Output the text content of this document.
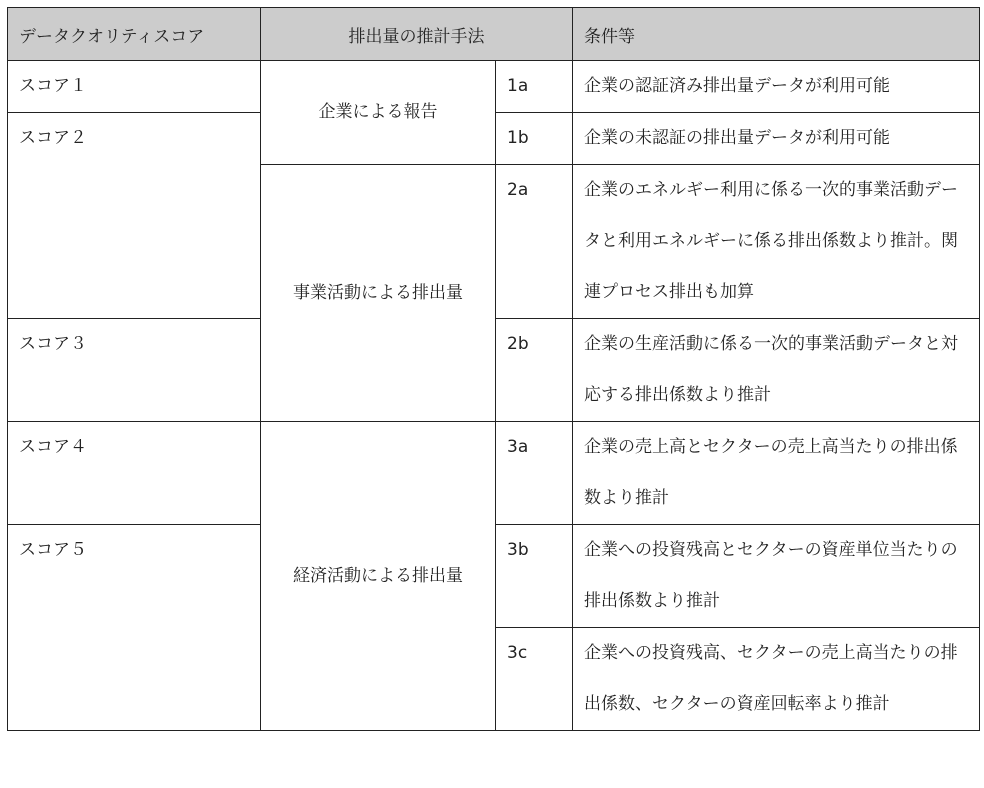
データクオリティスコア	排出量の推計手法		条件等
スコア１	企業による報告	1a	企業の認証済み排出量データが利用可能
スコア２		1b	企業の未認証の排出量データが利用可能
	事業活動による排出量	2a	企業のエネルギー利用に係る一次的事業活動データと利用エネルギーに係る排出係数より推計。関連プロセス排出も加算

スコア３		2b	企業の生産活動に係る一次的事業活動データと対応する排出係数より推計
スコア４	経済活動による排出量	3a	企業の売上高とセクターの売上高当たりの排出係数より推計
スコア５		3b	企業への投資残高とセクターの資産単位当たりの排出係数より推計
		3c	企業への投資残高、セクターの売上高当たりの排出係数、セクターの資産回転率より推計
